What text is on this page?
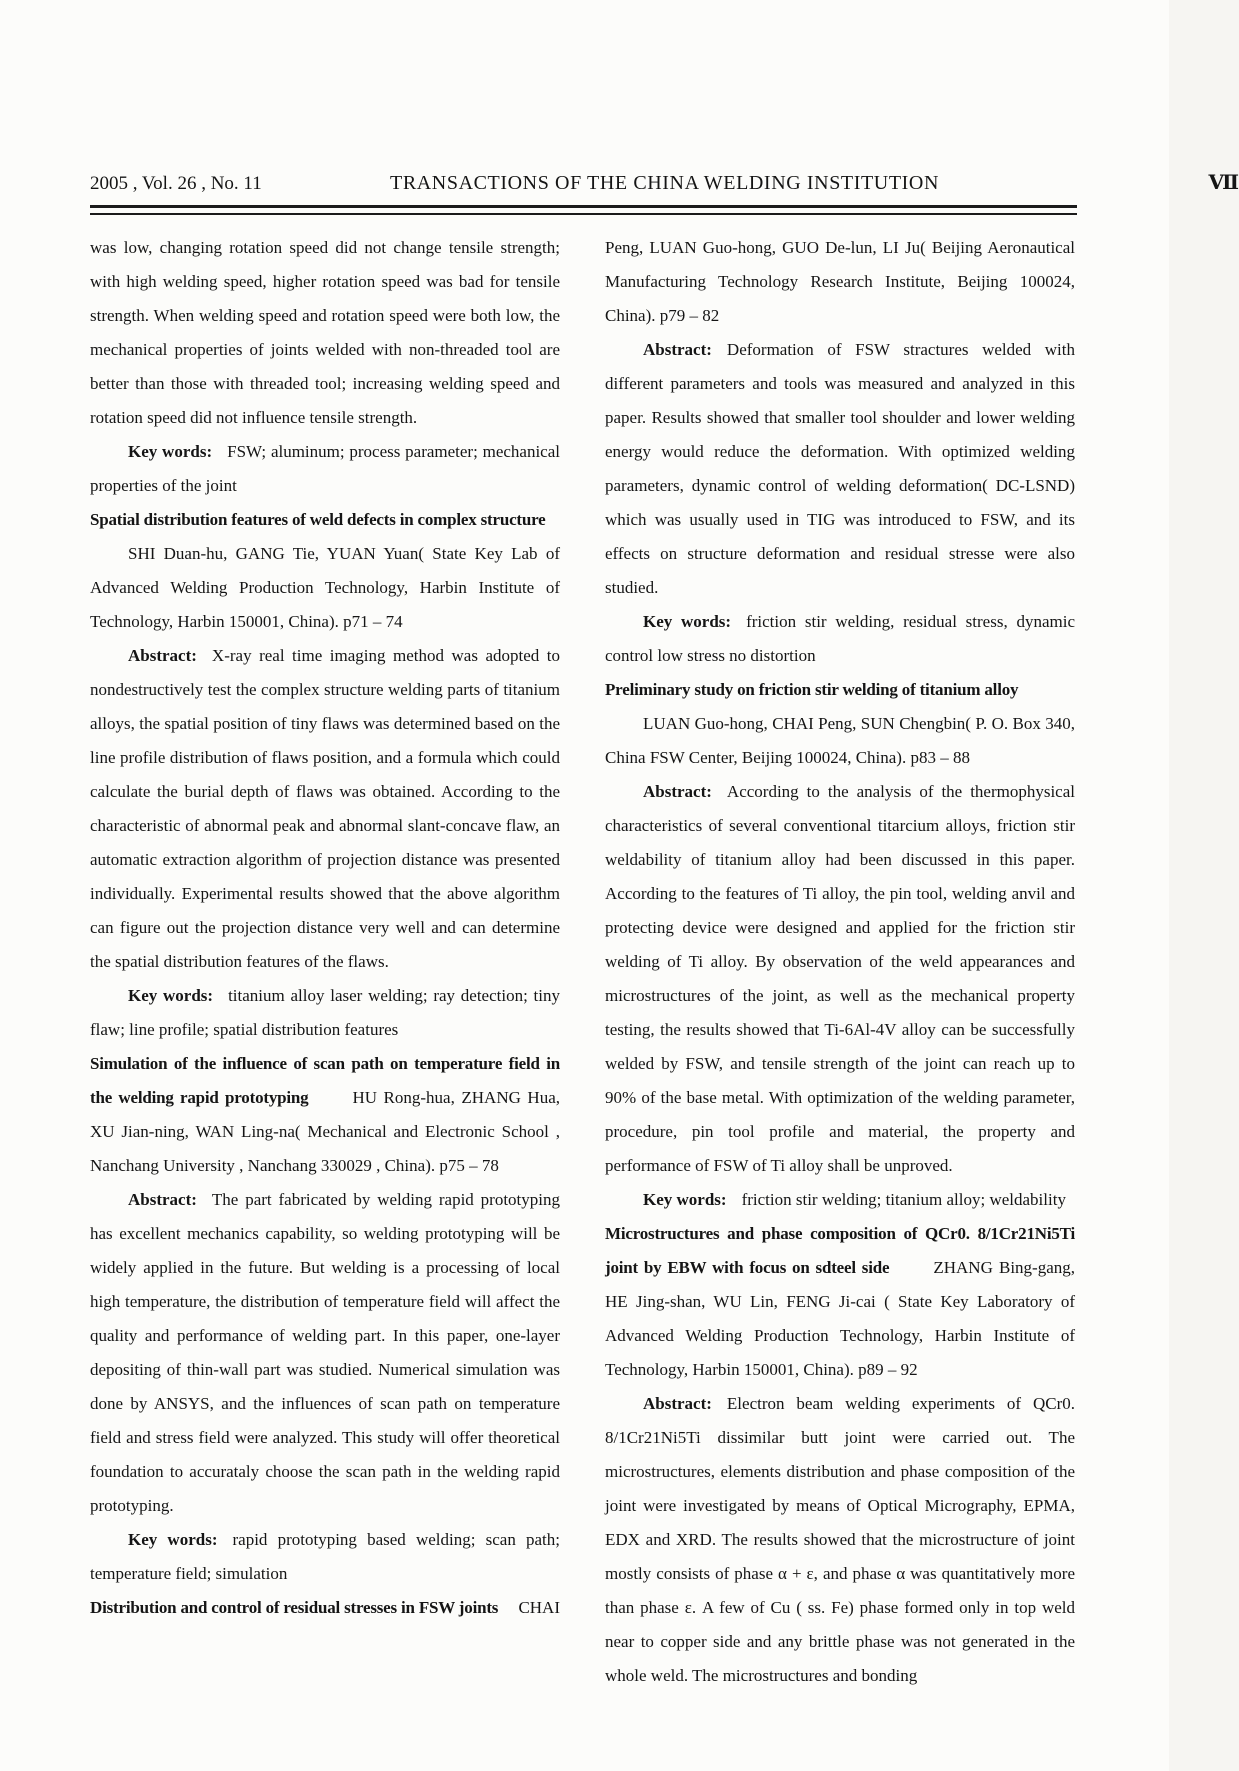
2005 , Vol. 26 , No. 11	TRANSACTIONS OF THE CHINA WELDING INSTITUTION	Ⅶ

was low, changing rotation speed did not change tensile strength; with high welding speed, higher rotation speed was bad for tensile strength. When welding speed and rotation speed were both low, the mechanical properties of joints welded with non-threaded tool are better than those with threaded tool; increasing welding speed and rotation speed did not influence tensile strength.

Key words: FSW; aluminum; process parameter; mechanical properties of the joint

Spatial distribution features of weld defects in complex structure

SHI Duan-hu, GANG Tie, YUAN Yuan( State Key Lab of Advanced Welding Production Technology, Harbin Institute of Technology, Harbin 150001, China). p71 – 74

Abstract: X-ray real time imaging method was adopted to nondestructively test the complex structure welding parts of titanium alloys, the spatial position of tiny flaws was determined based on the line profile distribution of flaws position, and a formula which could calculate the burial depth of flaws was obtained. According to the characteristic of abnormal peak and abnormal slant-concave flaw, an automatic extraction algorithm of projection distance was presented individually. Experimental results showed that the above algorithm can figure out the projection distance very well and can determine the spatial distribution features of the flaws.

Key words: titanium alloy laser welding; ray detection; tiny flaw; line profile; spatial distribution features

Simulation of the influence of scan path on temperature field in the welding rapid prototyping	HU Rong-hua, ZHANG Hua, XU Jian-ning, WAN Ling-na( Mechanical and Electronic School , Nanchang University , Nanchang 330029 , China). p75 – 78

Abstract: The part fabricated by welding rapid prototyping has excellent mechanics capability, so welding prototyping will be widely applied in the future. But welding is a processing of local high temperature, the distribution of temperature field will affect the quality and performance of welding part. In this paper, one-layer depositing of thin-wall part was studied. Numerical simulation was done by ANSYS, and the influences of scan path on temperature field and stress field were analyzed. This study will offer theoretical foundation to accurataly choose the scan path in the welding rapid prototyping.

Key words: rapid prototyping based welding; scan path; temperature field; simulation

Distribution and control of residual stresses in FSW joints CHAI

Peng, LUAN Guo-hong, GUO De-lun, LI Ju( Beijing Aeronautical Manufacturing Technology Research Institute, Beijing 100024, China). p79 – 82

Abstract: Deformation of FSW stractures welded with different parameters and tools was measured and analyzed in this paper. Results showed that smaller tool shoulder and lower welding energy would reduce the deformation. With optimized welding parameters, dynamic control of welding deformation( DC-LSND) which was usually used in TIG was introduced to FSW, and its effects on structure deformation and residual stresse were also studied.

Key words: friction stir welding, residual stress, dynamic control low stress no distortion

Preliminary study on friction stir welding of titanium alloy

LUAN Guo-hong, CHAI Peng, SUN Chengbin( P. O. Box 340, China FSW Center, Beijing 100024, China). p83 – 88

Abstract: According to the analysis of the thermophysical characteristics of several conventional titarcium alloys, friction stir weldability of titanium alloy had been discussed in this paper. According to the features of Ti alloy, the pin tool, welding anvil and protecting device were designed and applied for the friction stir welding of Ti alloy. By observation of the weld appearances and microstructures of the joint, as well as the mechanical property testing, the results showed that Ti-6Al-4V alloy can be successfully welded by FSW, and tensile strength of the joint can reach up to 90% of the base metal. With optimization of the welding parameter, procedure, pin tool profile and material, the property and performance of FSW of Ti alloy shall be unproved.

Key words: friction stir welding; titanium alloy; weldability

Microstructures and phase composition of QCr0. 8/1Cr21Ni5Ti joint by EBW with focus on sdteel side	ZHANG Bing-gang, HE Jing-shan, WU Lin, FENG Ji-cai ( State Key Laboratory of Advanced Welding Production Technology, Harbin Institute of Technology, Harbin 150001, China). p89 – 92

Abstract: Electron beam welding experiments of QCr0. 8/1Cr21Ni5Ti dissimilar butt joint were carried out. The microstructures, elements distribution and phase composition of the joint were investigated by means of Optical Micrography, EPMA, EDX and XRD. The results showed that the microstructure of joint mostly consists of phase α + ε, and phase α was quantitatively more than phase ε. A few of Cu ( ss. Fe) phase formed only in top weld near to copper side and any brittle phase was not generated in the whole weld. The microstructures and bonding
